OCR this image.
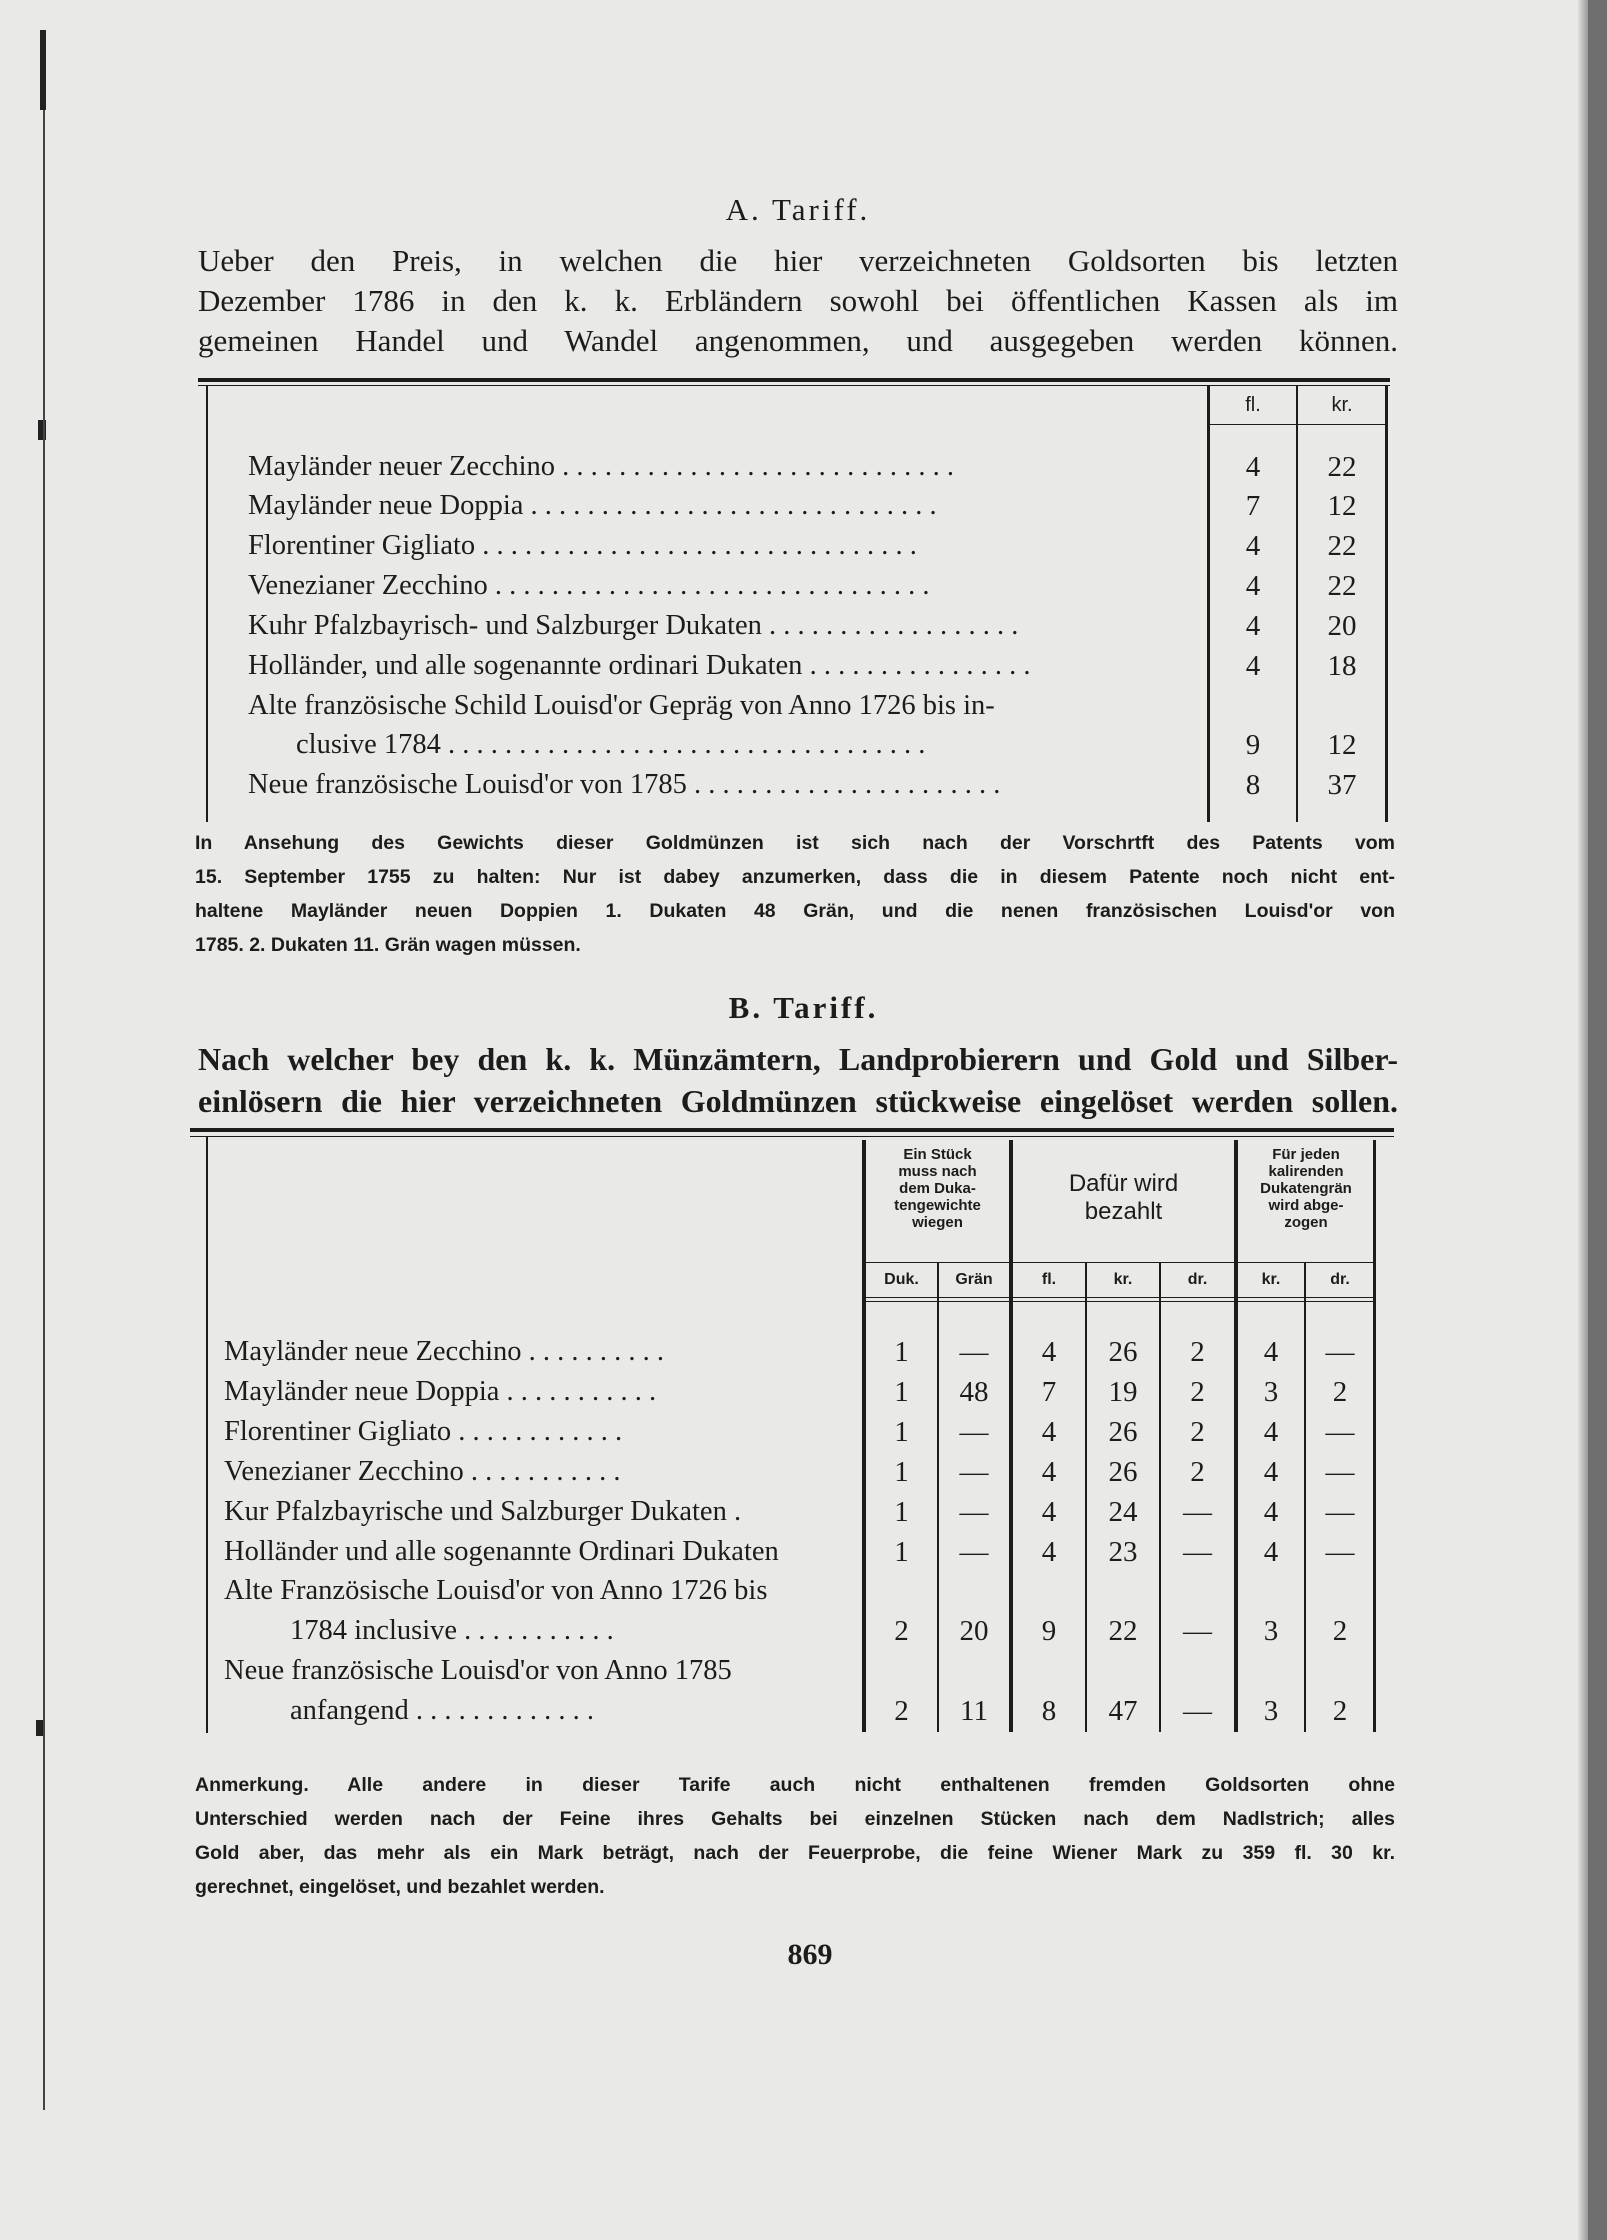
A. Tariff.
Ueber den Preis, in welchen die hier verzeichneten Goldsorten bis letzten
Dezember 1786 in den k. k. Erbländern sowohl bei öffentlichen Kassen als im
gemeinen Handel und Wandel angenommen, und ausgegeben werden können.
fl.	kr.
Mayländer neuer Zecchino . . . . . . . . . . . . . . . . . . . . . . . . . . . .	4	22
Mayländer neue Doppia . . . . . . . . . . . . . . . . . . . . . . . . . . . . .	7	12
Florentiner Gigliato . . . . . . . . . . . . . . . . . . . . . . . . . . . . . . .	4	22
Venezianer Zecchino . . . . . . . . . . . . . . . . . . . . . . . . . . . . . . .	4	22
Kuhr Pfalzbayrisch- und Salzburger Dukaten . . . . . . . . . . . . . . . . . .	4	20
Holländer, und alle sogenannte ordinari Dukaten . . . . . . . . . . . . . . . .	4	18
Alte französische Schild Louisd'or Gepräg von Anno 1726 bis in-
clusive 1784 . . . . . . . . . . . . . . . . . . . . . . . . . . . . . . . . . .	9	12
Neue französische Louisd'or von 1785 . . . . . . . . . . . . . . . . . . . . . .	8	37
In Ansehung des Gewichts dieser Goldmünzen ist sich nach der Vorschrtft des Patents vom
15. September 1755 zu halten: Nur ist dabey anzumerken, dass die in diesem Patente noch nicht ent-
haltene Mayländer neuen Doppien 1. Dukaten 48 Grän, und die nenen französischen Louisd'or von
1785. 2. Dukaten 11. Grän wagen müssen.
B. Tariff.
Nach welcher bey den k. k. Münzämtern, Landprobierern und Gold und Silber-
einlösern die hier verzeichneten Goldmünzen stückweise eingelöset werden sollen.
Ein Stück
muss nach
dem Duka-
tengewichte
wiegen
Dafür wird
bezahlt
Für jeden
kalirenden
Dukatengrän
wird abge-
zogen
Duk.	Grän	fl.	kr.	dr.	kr.	dr.
Mayländer neue Zecchino . . . . . . . . . .	1	—	4	26	2	4	—
Mayländer neue Doppia . . . . . . . . . . .	1	48	7	19	2	3	2
Florentiner Gigliato . . . . . . . . . . . .	1	—	4	26	2	4	—
Venezianer Zecchino . . . . . . . . . . .	1	—	4	26	2	4	—
Kur Pfalzbayrische und Salzburger Dukaten .	1	—	4	24	—	4	—
Holländer und alle sogenannte Ordinari Dukaten	1	—	4	23	—	4	—
Alte Französische Louisd'or von Anno 1726 bis
1784 inclusive . . . . . . . . . . .	2	20	9	22	—	3	2
Neue französische Louisd'or von Anno 1785
anfangend . . . . . . . . . . . . .	2	11	8	47	—	3	2
Anmerkung. Alle andere in dieser Tarife auch nicht enthaltenen fremden Goldsorten ohne
Unterschied werden nach der Feine ihres Gehalts bei einzelnen Stücken nach dem Nadlstrich; alles
Gold aber, das mehr als ein Mark beträgt, nach der Feuerprobe, die feine Wiener Mark zu 359 fl. 30 kr.
gerechnet, eingelöset, und bezahlet werden.
869
